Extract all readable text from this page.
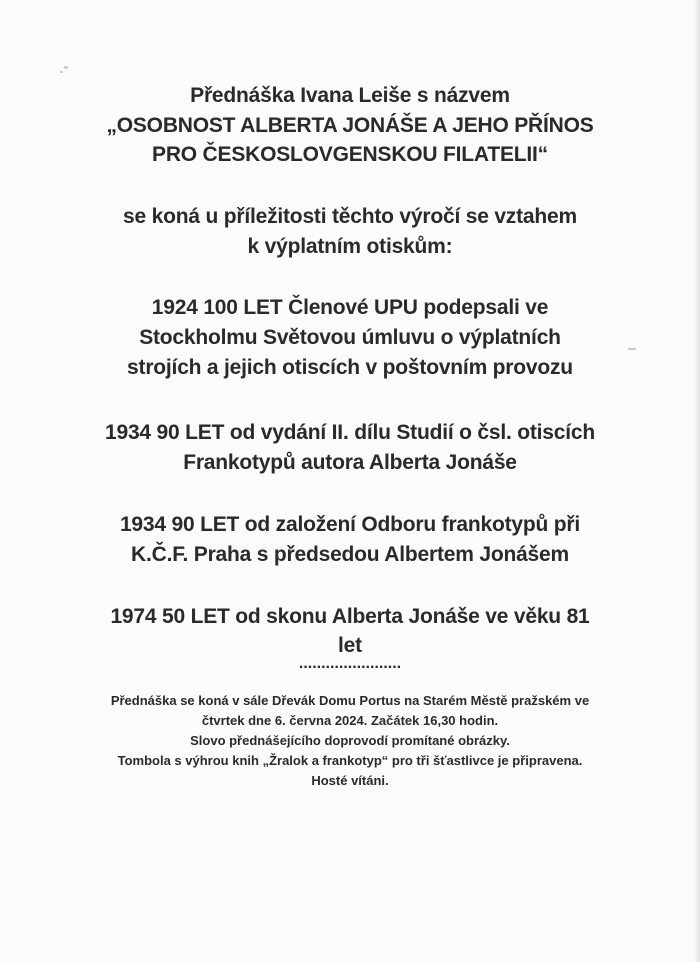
Přednáška Ivana Leiše s názvem
„OSOBNOST ALBERTA JONÁŠE A JEHO PŘÍNOS
PRO ČESKOSLOVGENSKOU FILATELII“
se koná u příležitosti těchto výročí se vztahem
k výplatním otiskům:
1924 100 LET Členové UPU podepsali ve
Stockholmu Světovou úmluvu o výplatních
strojích a jejich otiscích v poštovním provozu
1934 90 LET od vydání II. dílu Studií o čsl. otiscích
Frankotypů autora Alberta Jonáše
1934 90 LET od založení Odboru frankotypů při
K.Č.F. Praha s předsedou Albertem Jonášem
1974 50 LET od skonu Alberta Jonáše ve věku 81
let
.......................
Přednáška se koná v sále Dřevák Domu Portus na Starém Městě pražském ve
čtvrtek dne 6. června 2024. Začátek 16,30 hodin.
Slovo přednášejícího doprovodí promítané obrázky.
Tombola s výhrou knih „Žralok a frankotyp“ pro tři šťastlivce je připravena.
Hosté vítáni.
